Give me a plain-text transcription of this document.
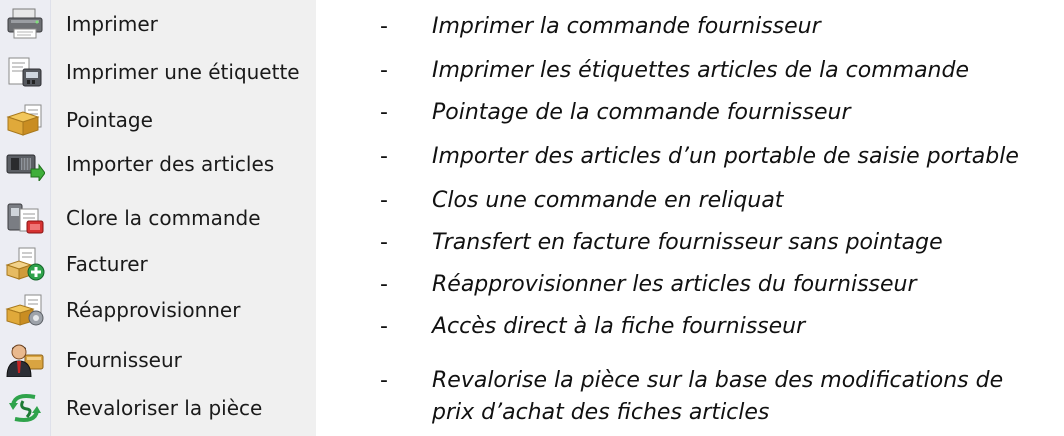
Imprimer
Imprimer une étiquette
Pointage
Importer des articles
Clore la commande
Facturer
Réapprovisionner
Fournisseur
Revaloriser la pièce
- Imprimer la commande fournisseur
- Imprimer les étiquettes articles de la commande
- Pointage de la commande fournisseur
- Importer des articles d’un portable de saisie portable
- Clos une commande en reliquat
- Transfert en facture fournisseur sans pointage
- Réapprovisionner les articles du fournisseur
- Accès direct à la fiche fournisseur
- Revalorise la pièce sur la base des modifications de
prix d’achat des fiches articles
